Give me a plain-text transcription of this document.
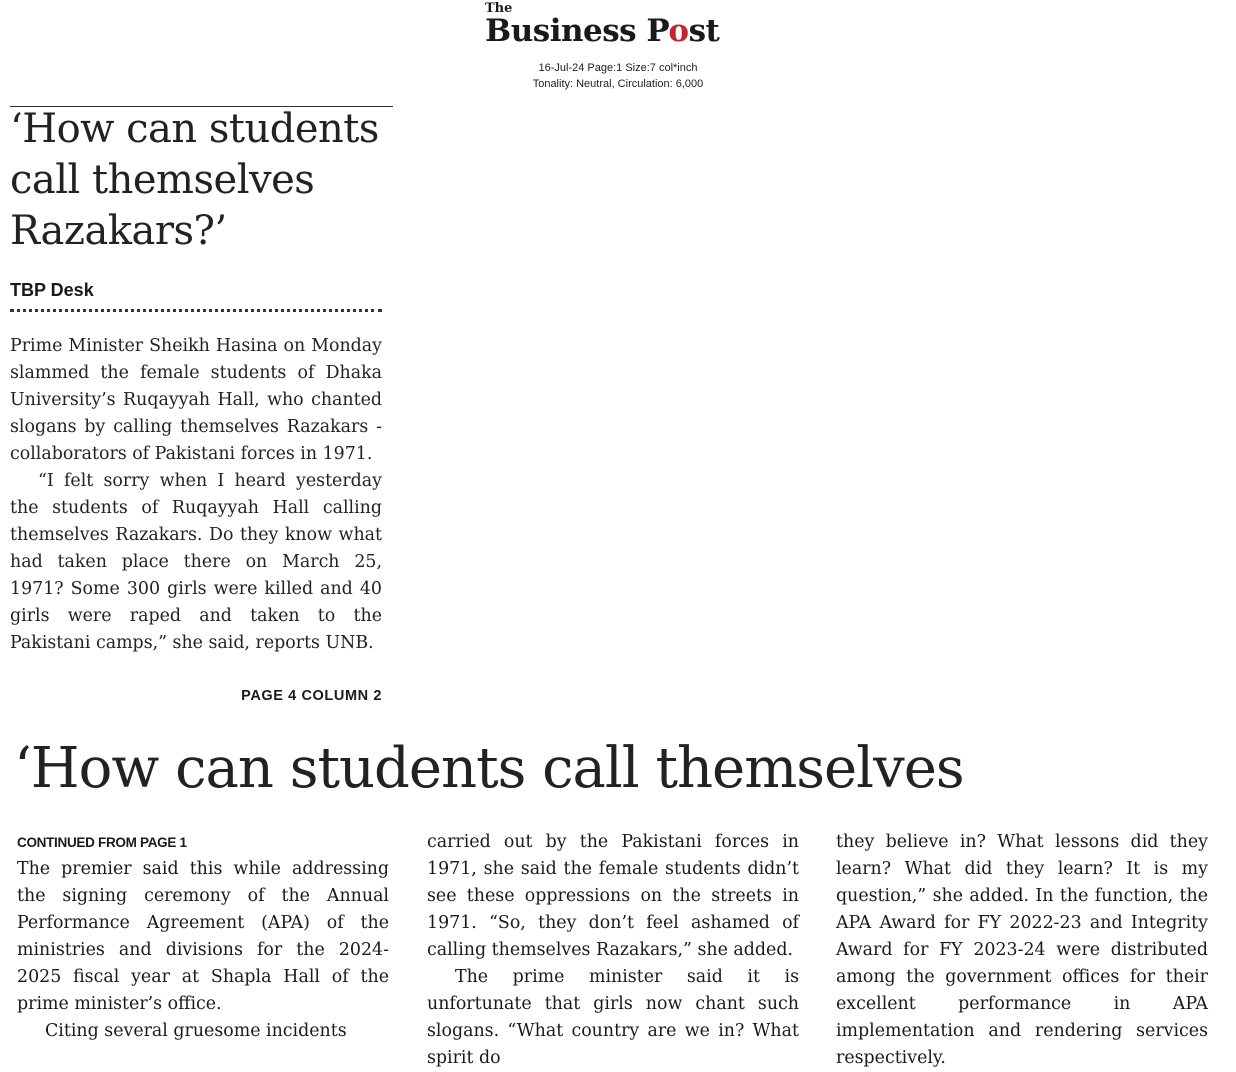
The
Business Post
16-Jul-24 Page:1 Size:7 col*inch
Tonality: Neutral, Circulation: 6,000
‘How can students call themselves Razakars?’
TBP Desk

Prime Minister Sheikh Hasina on Monday slammed the female students of Dhaka University’s Ruqayyah Hall, who chanted slogans by calling themselves Razakars - collaborators of Pakistani forces in 1971.

“I felt sorry when I heard yesterday the students of Ruqayyah Hall calling themselves Razakars. Do they know what had taken place there on March 25, 1971? Some 300 girls were killed and 40 girls were raped and taken to the Pakistani camps,” she said, reports UNB.

PAGE 4 COLUMN 2
‘How can students call themselves
CONTINUED FROM PAGE 1

The premier said this while addressing the signing ceremony of the Annual Performance Agreement (APA) of the ministries and divisions for the 2024-2025 fiscal year at Shapla Hall of the prime minister’s office.

Citing several gruesome incidents

carried out by the Pakistani forces in 1971, she said the female students didn’t see these oppressions on the streets in 1971. “So, they don’t feel ashamed of calling themselves Razakars,” she added.

The prime minister said it is unfortunate that girls now chant such slogans. “What country are we in? What spirit do

they believe in? What lessons did they learn? What did they learn? It is my question,” she added. In the function, the APA Award for FY 2022-23 and Integrity Award for FY 2023-24 were distributed among the government offices for their excellent performance in APA implementation and rendering services respectively.
